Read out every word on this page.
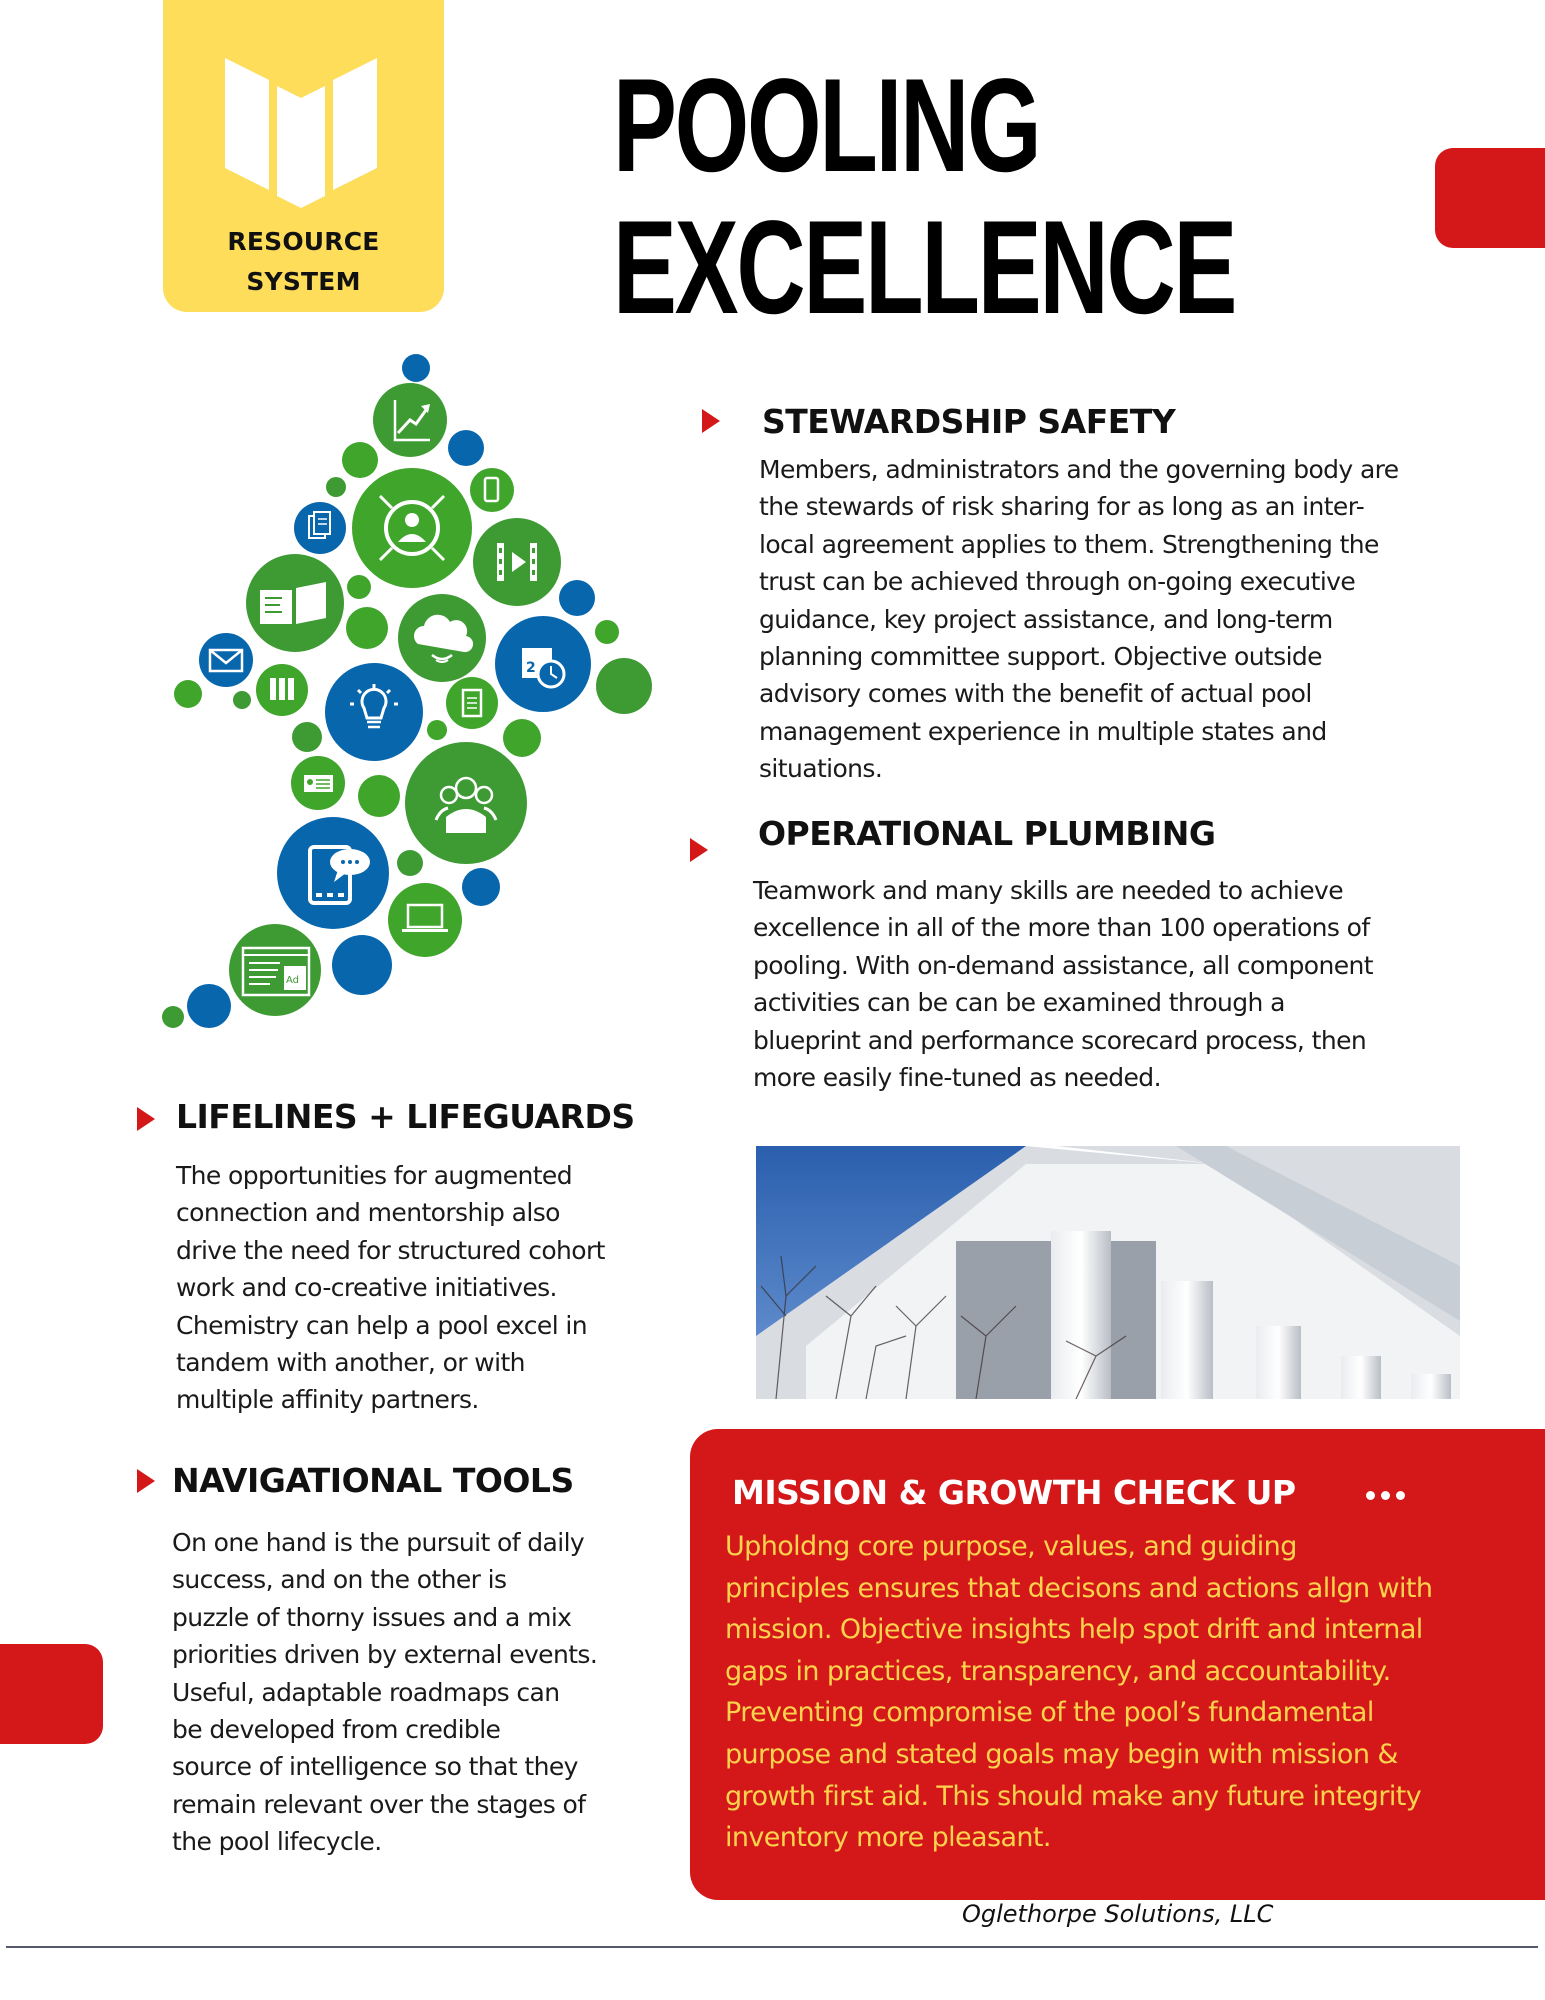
RESOURCE
SYSTEM
POOLING
EXCELLENCE
2
Ad
STEWARDSHIP SAFETY

Members, administrators and the governing body are

the stewards of risk sharing for as long as an inter-

local agreement applies to them. Strengthening the

trust can be achieved through on-going executive

guidance, key project assistance, and long-term

planning committee support. Objective outside

advisory comes with the benefit of actual pool

management experience in multiple states and

situations.

OPERATIONAL PLUMBING

Teamwork and many skills are needed to achieve

excellence in all of the more than 100 operations of

pooling. With on-demand assistance, all component

activities can be can be examined through a

blueprint and performance scorecard process, then

more easily fine-tuned as needed.

LIFELINES + LIFEGUARDS

The opportunities for augmented

connection and mentorship also

drive the need for structured cohort

work and co-creative initiatives.

Chemistry can help a pool excel in

tandem with another, or with

multiple affinity partners.

NAVIGATIONAL TOOLS

On one hand is the pursuit of daily

success, and on the other is

puzzle of thorny issues and a mix

priorities driven by external events.

Useful, adaptable roadmaps can

be developed from credible

source of intelligence so that they

remain relevant over the stages of

the pool lifecycle.

MISSION & GROWTH CHECK UP

Upholdng core purpose, values, and guiding

principles ensures that decisons and actions allgn with

mission. Objective insights help spot drift and internal

gaps in practices, transparency, and accountability.

Preventing compromise of the pool’s fundamental

purpose and stated goals may begin with mission &

growth first aid. This should make any future integrity

inventory more pleasant.

Oglethorpe Solutions, LLC
